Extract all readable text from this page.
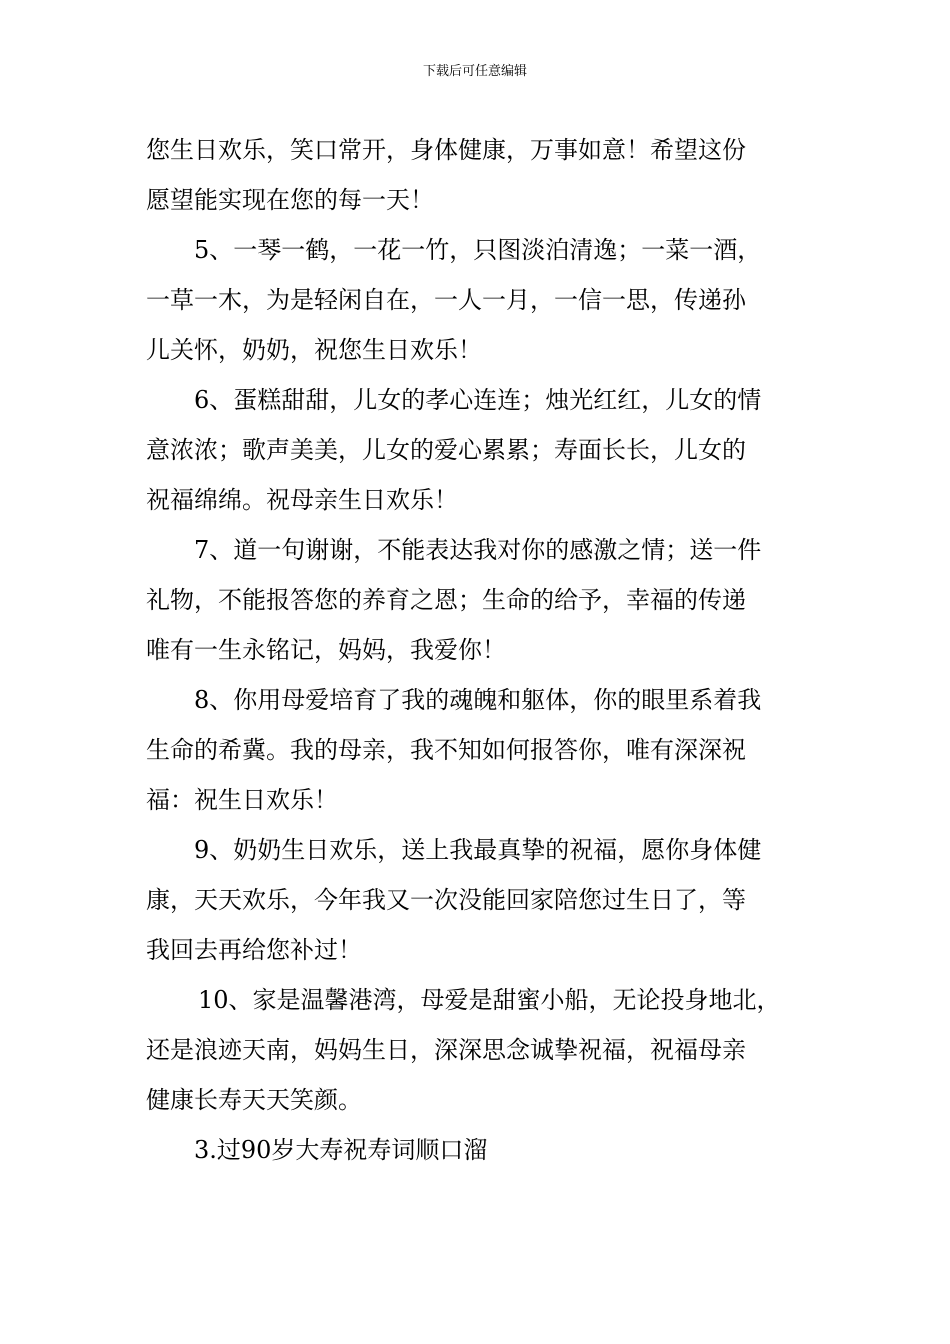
下载后可任意编辑
您生日欢乐，笑口常开，身体健康，万事如意！希望这份
愿望能实现在您的每一天！
5、一琴一鹤，一花一竹，只图淡泊清逸；一菜一酒，
一草一木，为是轻闲自在，一人一月，一信一思，传递孙
儿关怀，奶奶，祝您生日欢乐！
6、蛋糕甜甜，儿女的孝心连连；烛光红红，儿女的情
意浓浓；歌声美美，儿女的爱心累累；寿面长长，儿女的
祝福绵绵。祝母亲生日欢乐！
7、道一句谢谢，不能表达我对你的感激之情；送一件
礼物，不能报答您的养育之恩；生命的给予，幸福的传递
唯有一生永铭记，妈妈，我爱你！
8、你用母爱培育了我的魂魄和躯体，你的眼里系着我
生命的希冀。我的母亲，我不知如何报答你，唯有深深祝
福：祝生日欢乐！
9、奶奶生日欢乐，送上我最真挚的祝福，愿你身体健
康，天天欢乐，今年我又一次没能回家陪您过生日了，等
我回去再给您补过！
10、家是温馨港湾，母爱是甜蜜小船，无论投身地北，
还是浪迹天南，妈妈生日，深深思念诚挚祝福，祝福母亲
健康长寿天天笑颜。
3.过90岁大寿祝寿词顺口溜
